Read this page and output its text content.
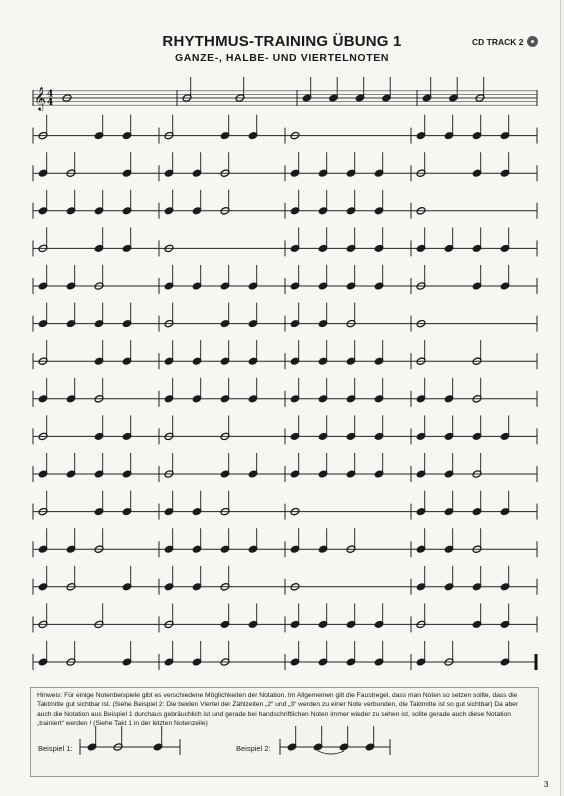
RHYTHMUS-TRAINING ÜBUNG 1
GANZE-, HALBE- UND VIERTELNOTEN
CD TRACK 2
𝄞 4
4

Hinweis: Für einige Notenbeispiele gibt es verschiedene Möglichkeiten der Notation. Im Allgemeinen gilt die Faustregel, dass man Noten so setzen sollte, dass die Taktmitte gut sichtbar ist. (Siehe Beispiel 2: Die beiden Viertel der Zählzeiten „2“ und „3“ werden zu einer Note verbunden, die Taktmitte ist so gut sichtbar) Da aber auch die Notation aus Beispiel 1 durchaus gebräuchlich ist und gerade bei handschriftlichen Noten immer wieder zu sehen ist, sollte gerade auch diese Notation „trainiert“ werden ! (Siehe Takt 1 in der letzten Notenzeile)

Beispiel 1:	Beispiel 2:
3
